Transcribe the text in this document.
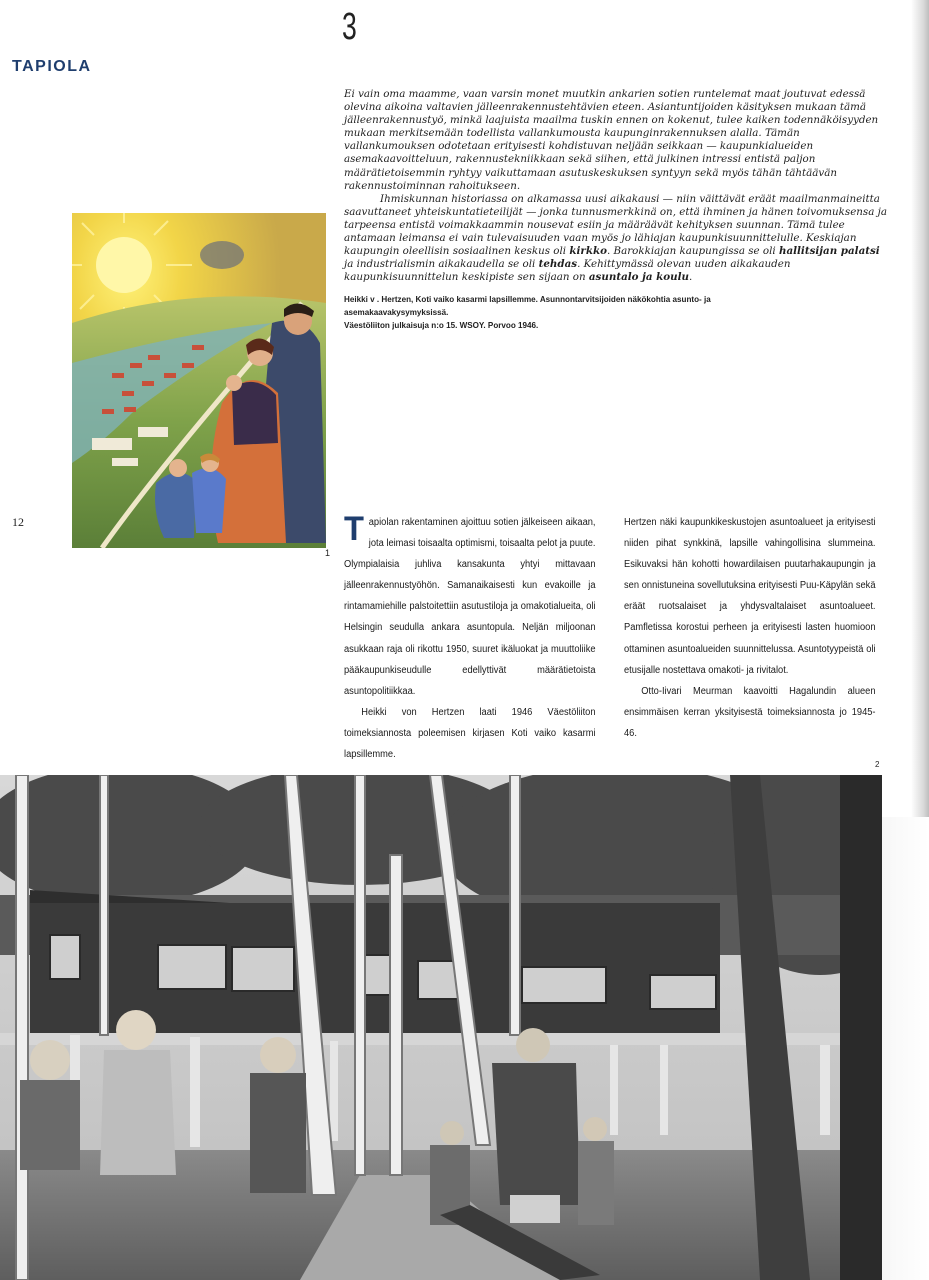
3
TAPIOLA

Ei vain oma maamme, vaan varsin monet muutkin ankarien sotien runtelemat maat joutuvat edessä olevina aikoina valtavien jälleenrakennustehtävien eteen. Asiantuntijoiden käsityksen mukaan tämä jälleenrakennustyö, minkä laajuista maailma tuskin ennen on kokenut, tulee kaiken todennäköisyyden mukaan merkitsemään todellista vallankumousta kaupunginrakennuksen alalla. Tämän vallankumouksen odotetaan erityisesti kohdistuvan neljään seikkaan — kaupunkialueiden asemakaavoitteluun, rakennustekniikkaan sekä siihen, että julkinen intressi entistä paljon määrätietoisemmin ryhtyy vaikuttamaan asutuskeskuksen syntyyn sekä myös tähän tähtäävän rakennustoiminnan rahoitukseen.

Ihmiskunnan historiassa on alkamassa uusi aikakausi — niin väittävät eräät maailmanmaineitta saavuttaneet yhteiskuntatieteilijät — jonka tunnusmerkkinä on, että ihminen ja hänen toivomuksensa ja tarpeensa entistä voimakkaammin nousevat esiin ja määräävät kehityksen suunnan. Tämä tulee antamaan leimansa ei vain tulevaisuuden vaan myös jo lähiajan kaupunkisuunnittelulle. Keskiajan kaupungin oleellisin sosiaalinen keskus oli kirkko. Barokkiajan kaupungissa se oli hallitsijan palatsi ja industrialismin aikakaudella se oli tehdas. Kehittymässä olevan uuden aikakauden kaupunkisuunnittelun keskipiste sen sijaan on asuntalo ja koulu.

Heikki v . Hertzen, Koti vaiko kasarmi lapsillemme. Asunnontarvitsijoiden näkökohtia asunto- ja asemakaavakysymyksissä.
Väestöliiton julkaisuja n:o 15. WSOY. Porvoo 1946.
1
12	Tapiolan rakentaminen ajoittuu sotien jälkeiseen aikaan, jota leimasi toisaalta optimismi, toisaalta pelot ja puute. Olympialaisia juhliva kansakunta yhtyi mittavaan jälleenrakennustyöhön. Samanaikaisesti kun evakoille ja rintamamiehille palstoitettiin asutustiloja ja omakotialueita, oli Helsingin seudulla ankara asuntopula. Neljän miljoonan asukkaan raja oli rikottu 1950, suuret ikäluokat ja muuttoliike pääkaupunkiseudulle edellyttivät määrätietoista asuntopolitiikkaa.

Heikki von Hertzen laati 1946 Väestöliiton toimeksiannosta poleemisen kirjasen Koti vaiko kasarmi lapsillemme.

Hertzen näki kaupunkikeskustojen asuntoalueet ja erityisesti niiden pihat synkkinä, lapsille vahingollisina slummeina. Esikuvaksi hän kohotti howardilaisen puutarhakaupungin ja sen onnistuneina sovellutuksina erityisesti Puu-Käpylän sekä eräät ruotsalaiset ja yhdysvaltalaiset asuntoalueet. Pamfletissa korostui perheen ja erityisesti lasten huomioon ottaminen asuntoalueiden suunnittelussa. Asuntotyypeistä oli etusijalle nostettava omakoti- ja rivitalot.

Otto-Iivari Meurman kaavoitti Hagalundin alueen ensimmäisen kerran yksityisestä toimeksiannosta jo 1945-46.

2
